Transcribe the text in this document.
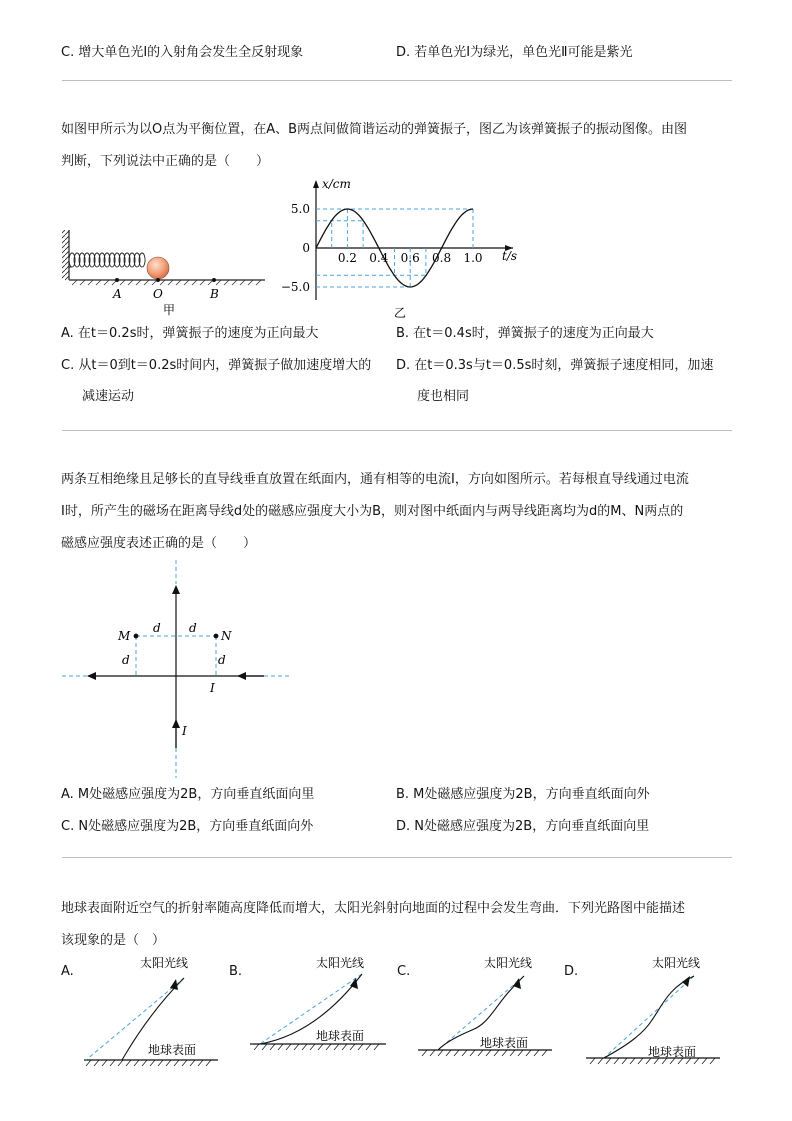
C. 增大单色光Ⅰ的入射角会发生全反射现象	D. 若单色光Ⅰ为绿光，单色光Ⅱ可能是紫光
如图甲所示为以O点为平衡位置，在A、B两点间做简谐运动的弹簧振子，图乙为该弹簧振子的振动图像。由图
判断，下列说法中正确的是（　　）
A	O	B
甲
5.0
0
−5.0
0.2 0.4 0.6 0.8 1.0
x/cm
t/s
乙
A. 在t＝0.2s时，弹簧振子的速度为正向最大	B. 在t＝0.4s时，弹簧振子的速度为正向最大
C. 从t＝0到t＝0.2s时间内，弹簧振子做加速度增大的
减速运动
D. 在t＝0.3s与t＝0.5s时刻，弹簧振子速度相同，加速
度也相同
两条互相绝缘且足够长的直导线垂直放置在纸面内，通有相等的电流I，方向如图所示。若每根直导线通过电流
I时，所产生的磁场在距离导线d处的磁感应强度大小为B，则对图中纸面内与两导线距离均为d的M、N两点的
磁感应强度表述正确的是（　　）
M	N
d d
d	d
I
I
A. M处磁感应强度为2B，方向垂直纸面向里	B. M处磁感应强度为2B，方向垂直纸面向外
C. N处磁感应强度为2B，方向垂直纸面向外	D. N处磁感应强度为2B，方向垂直纸面向里
地球表面附近空气的折射率随高度降低而增大，太阳光斜射向地面的过程中会发生弯曲．下列光路图中能描述
该现象的是（　）
A.
太阳光线
地球表面
B.
太阳光线
地球表面
C.
太阳光线
地球表面
D.
太阳光线
地球表面
